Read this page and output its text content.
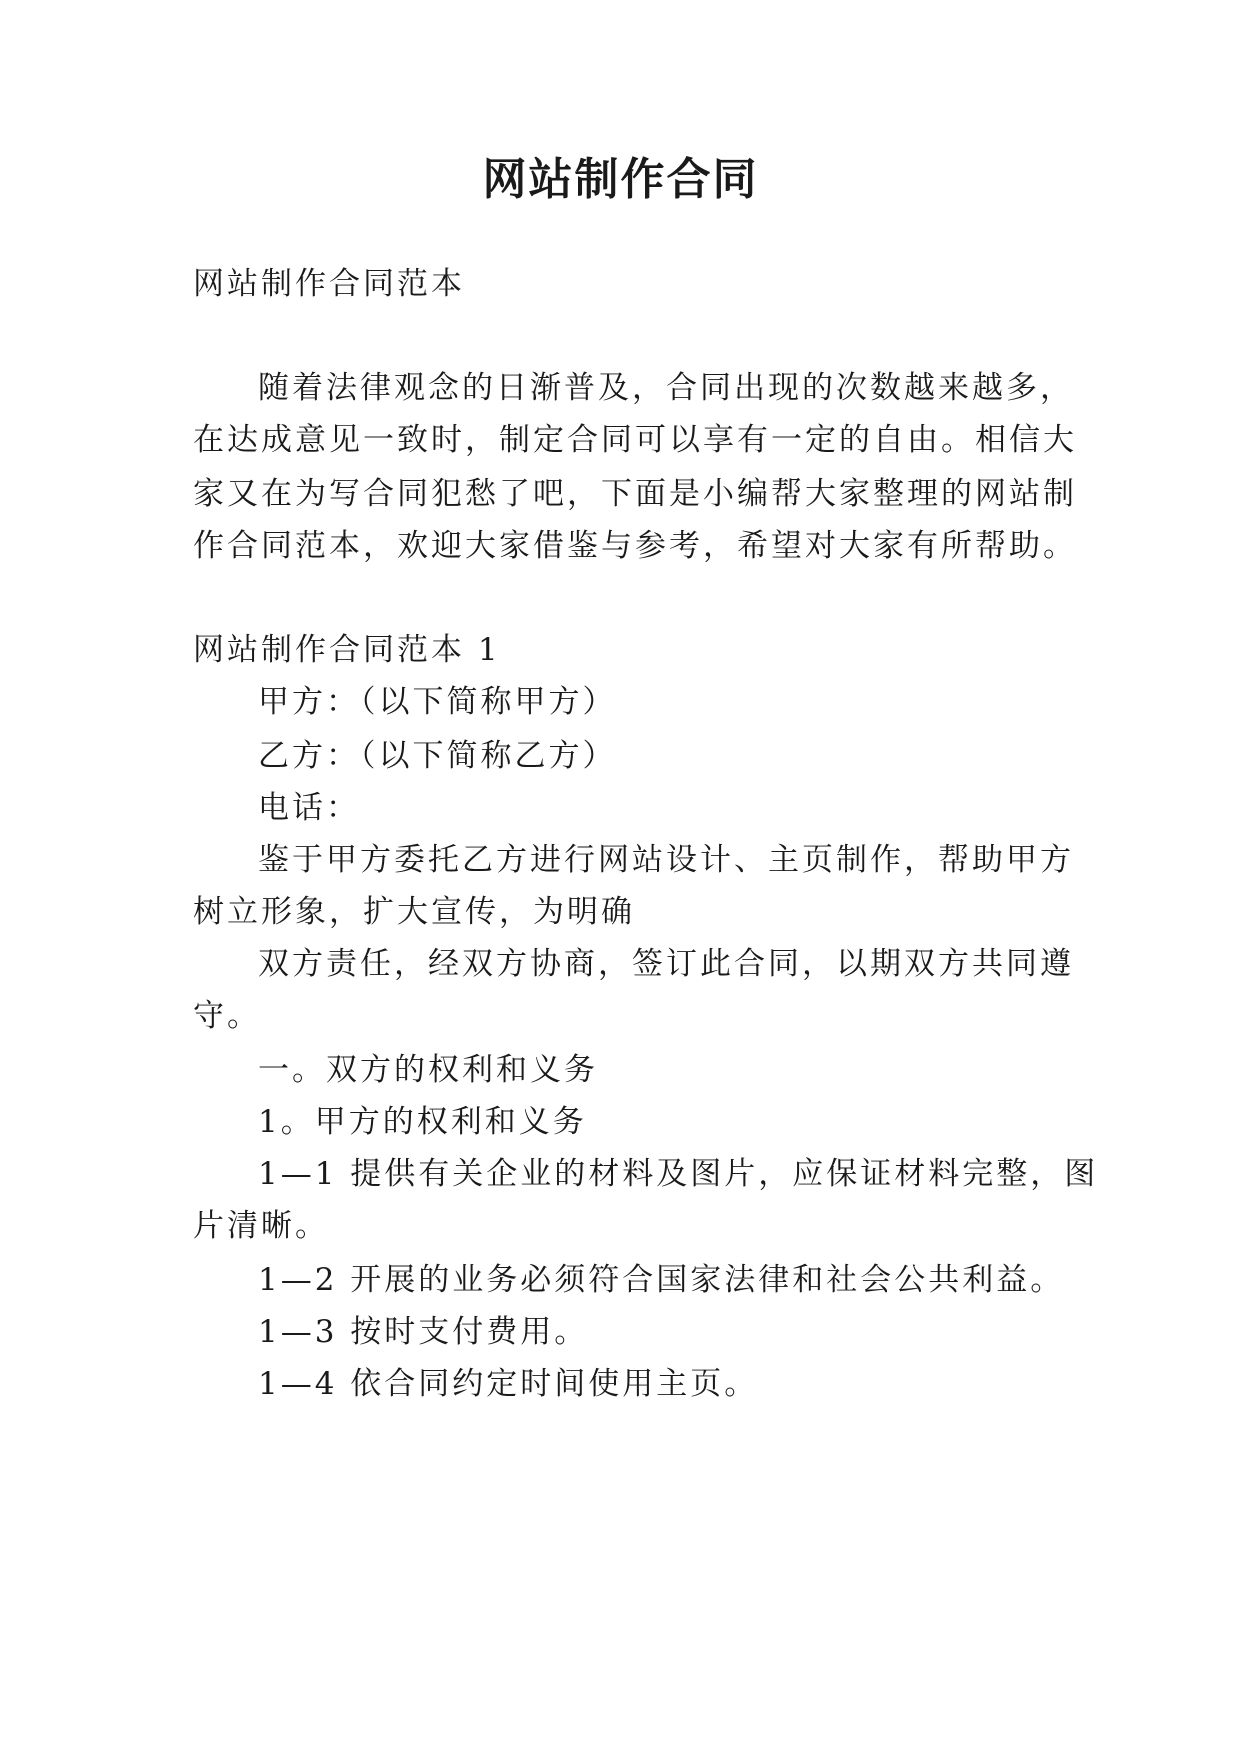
网站制作合同

网站制作合同范本

随着法律观念的日渐普及，合同出现的次数越来越多，

在达成意见一致时，制定合同可以享有一定的自由。相信大

家又在为写合同犯愁了吧，下面是小编帮大家整理的网站制

作合同范本，欢迎大家借鉴与参考，希望对大家有所帮助。

网站制作合同范本 1

甲方：（以下简称甲方）

乙方：（以下简称乙方）

电话：

鉴于甲方委托乙方进行网站设计、主页制作，帮助甲方

树立形象，扩大宣传，为明确

双方责任，经双方协商，签订此合同，以期双方共同遵

守。

一。双方的权利和义务

1。甲方的权利和义务

1—1 提供有关企业的材料及图片，应保证材料完整，图

片清晰。

1—2 开展的业务必须符合国家法律和社会公共利益。

1—3 按时支付费用。

1—4 依合同约定时间使用主页。
